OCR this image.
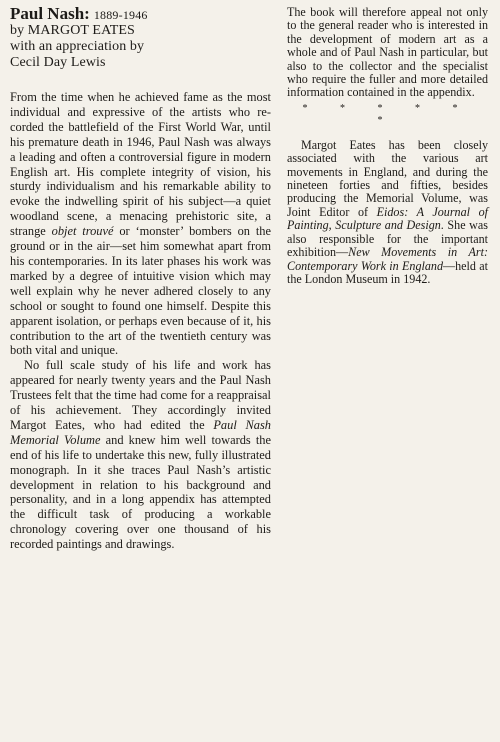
Paul Nash: 1889-1946
by MARGOT EATES
with an appreciation by
Cecil Day Lewis

From the time when he achieved fame as the most individual and expressive of the artists who recorded the battlefield of the First World War, until his premature death in 1946, Paul Nash was always a leading and often a controversial figure in modern English art. His complete integrity of vision, his sturdy individualism and his remarkable ability to evoke the indwelling spirit of his subject—a quiet woodland scene, a menacing prehistoric site, a strange objet trouvé or ‘monster’ bombers on the ground or in the air—set him somewhat apart from his contemporaries. In its later phases his work was marked by a degree of intuitive vision which may well explain why he never adhered closely to any school or sought to found one himself. Despite this apparent isolation, or perhaps even because of it, his contribution to the art of the twentieth century was both vital and unique.

No full scale study of his life and work has appeared for nearly twenty years and the Paul Nash Trustees felt that the time had come for a reappraisal of his achievement. They accordingly invited Margot Eates, who had edited the Paul Nash Memorial Volume and knew him well towards the end of his life to undertake this new, fully illustrated monograph. In it she traces Paul Nash’s artistic development in relation to his background and personality, and in a long appendix has attempted the difficult task of producing a workable chronology covering over one thousand of his recorded paintings and drawings.

The book will therefore appeal not only to the general reader who is interested in the development of modern art as a whole and of Paul Nash in particular, but also to the collector and the specialist who require the fuller and more detailed information contained in the appendix.

* * * * * *

Margot Eates has been closely associated with the various art movements in England, and during the nineteen forties and fifties, besides producing the Memorial Volume, was Joint Editor of Eidos: A Journal of Painting, Sculpture and Design. She was also responsible for the important exhibition—New Movements in Art: Contemporary Work in England—held at the London Museum in 1942.
